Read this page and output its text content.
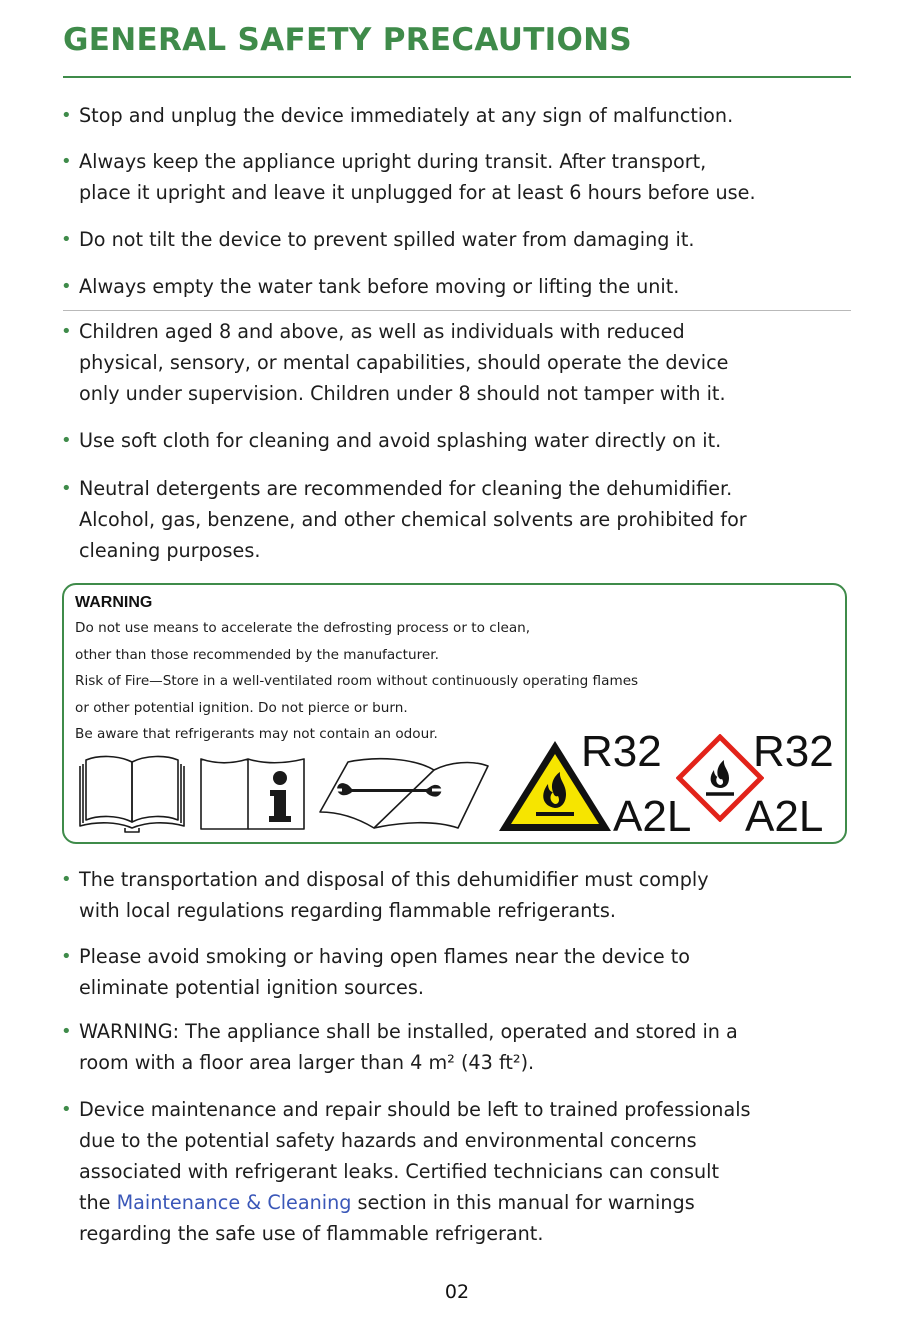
GENERAL SAFETY PRECAUTIONS
• Stop and unplug the device immediately at any sign of malfunction.
• Always keep the appliance upright during transit. After transport,
place it upright and leave it unplugged for at least 6 hours before use.
• Do not tilt the device to prevent spilled water from damaging it.
• Always empty the water tank before moving or lifting the unit.
• Children aged 8 and above, as well as individuals with reduced
physical, sensory, or mental capabilities, should operate the device
only under supervision. Children under 8 should not tamper with it.
• Use soft cloth for cleaning and avoid splashing water directly on it.
• Neutral detergents are recommended for cleaning the dehumidifier.
Alcohol, gas, benzene, and other chemical solvents are prohibited for
cleaning purposes.
WARNING
Do not use means to accelerate the defrosting process or to clean,
other than those recommended by the manufacturer.
Risk of Fire—Store in a well-ventilated room without continuously operating flames
or other potential ignition. Do not pierce or burn.
Be aware that refrigerants may not contain an odour.	R32
A2L
R32
A2L
• The transportation and disposal of this dehumidifier must comply
with local regulations regarding flammable refrigerants.
• Please avoid smoking or having open flames near the device to
eliminate potential ignition sources.
• WARNING: The appliance shall be installed, operated and stored in a
room with a floor area larger than 4 m² (43 ft²).
• Device maintenance and repair should be left to trained professionals
due to the potential safety hazards and environmental concerns
associated with refrigerant leaks. Certified technicians can consult
the Maintenance & Cleaning section in this manual for warnings
regarding the safe use of flammable refrigerant.
02
